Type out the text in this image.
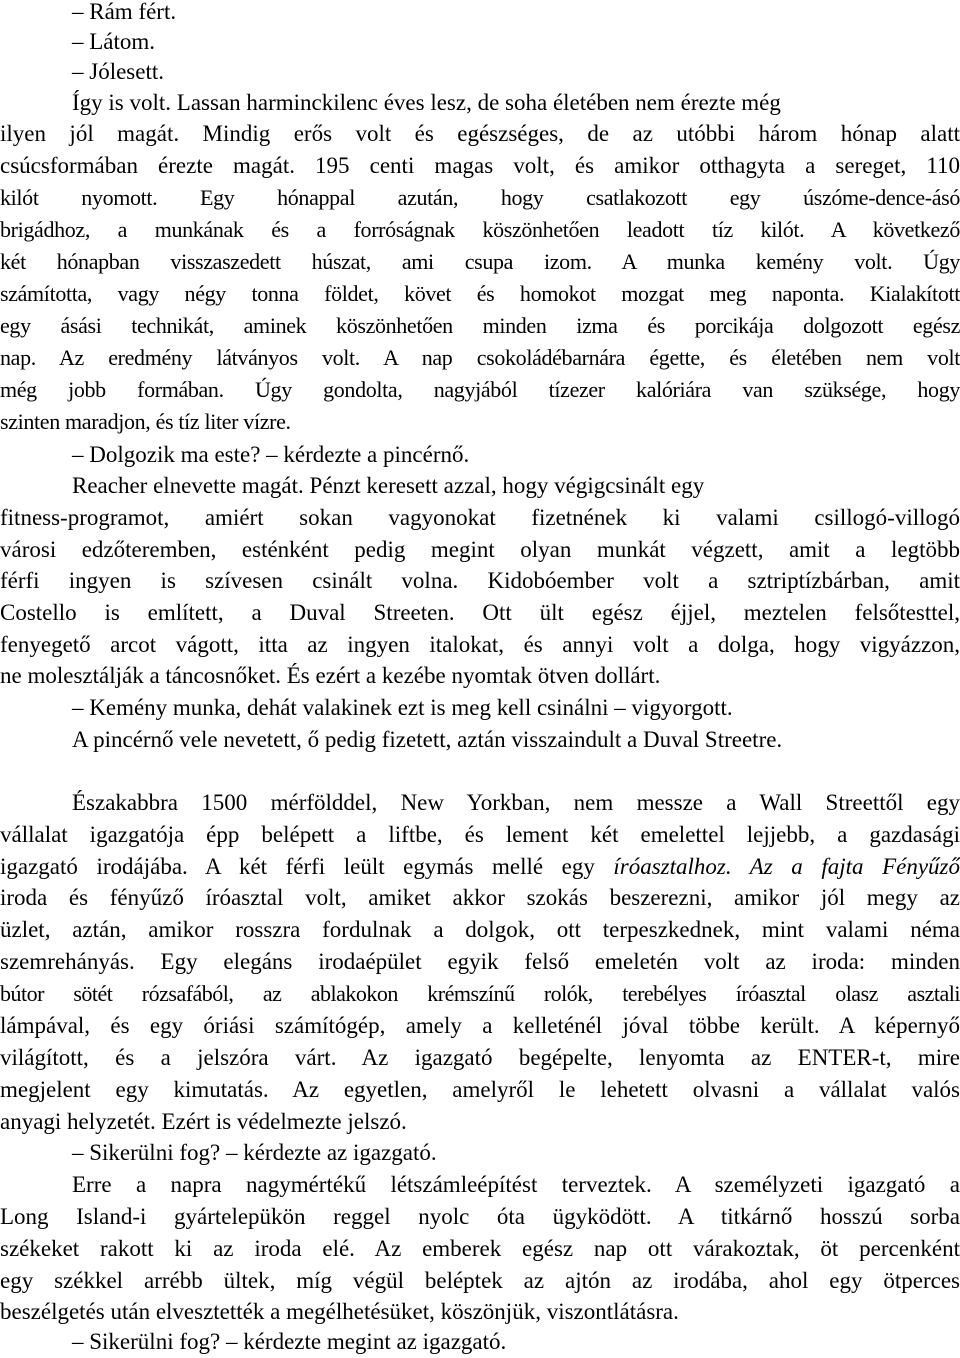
– Rám fért.
– Látom.
– Jólesett.
Így is volt. Lassan harminckilenc éves lesz, de soha életében nem érezte még
ilyen jól magát. Mindig erős volt és egészséges, de az utóbbi három hónap alatt
csúcsformában érezte magát. 195 centi magas volt, és amikor otthagyta a sereget, 110
kilót nyomott. Egy hónappal azután, hogy csatlakozott egy úszóme-dence-ásó
brigádhoz, a munkának és a forróságnak köszönhetően leadott tíz kilót. A következő
két hónapban visszaszedett húszat, ami csupa izom. A munka kemény volt. Úgy
számította, vagy négy tonna földet, követ és homokot mozgat meg naponta. Kialakított
egy ásási technikát, aminek köszönhetően minden izma és porcikája dolgozott egész
nap. Az eredmény látványos volt. A nap csokoládébarnára égette, és életében nem volt
még jobb formában. Úgy gondolta, nagyjából tízezer kalóriára van szüksége, hogy
szinten maradjon, és tíz liter vízre.
– Dolgozik ma este? – kérdezte a pincérnő.
Reacher elnevette magát. Pénzt keresett azzal, hogy végigcsinált egy
fitness-programot, amiért sokan vagyonokat fizetnének ki valami csillogó-villogó
városi edzőteremben, esténként pedig megint olyan munkát végzett, amit a legtöbb
férfi ingyen is szívesen csinált volna. Kidobóember volt a sztriptízbárban, amit
Costello is említett, a Duval Streeten. Ott ült egész éjjel, meztelen felsőtesttel,
fenyegető arcot vágott, itta az ingyen italokat, és annyi volt a dolga, hogy vigyázzon,
ne molesztálják a táncosnőket. És ezért a kezébe nyomtak ötven dollárt.
– Kemény munka, dehát valakinek ezt is meg kell csinálni – vigyorgott.
A pincérnő vele nevetett, ő pedig fizetett, aztán visszaindult a Duval Streetre.
Északabbra 1500 mérfölddel, New Yorkban, nem messze a Wall Streettől egy
vállalat igazgatója épp belépett a liftbe, és lement két emelettel lejjebb, a gazdasági
igazgató irodájába. A két férfi leült egymás mellé egy íróasztalhoz. Az a fajta Fényűző
iroda és fényűző íróasztal volt, amiket akkor szokás beszerezni, amikor jól megy az
üzlet, aztán, amikor rosszra fordulnak a dolgok, ott terpeszkednek, mint valami néma
szemrehányás. Egy elegáns irodaépület egyik felső emeletén volt az iroda: minden
bútor sötét rózsafából, az ablakokon krémszínű rolók, terebélyes íróasztal olasz asztali
lámpával, és egy óriási számítógép, amely a kelleténél jóval többe került. A képernyő
világított, és a jelszóra várt. Az igazgató begépelte, lenyomta az ENTER-t, mire
megjelent egy kimutatás. Az egyetlen, amelyről le lehetett olvasni a vállalat valós
anyagi helyzetét. Ezért is védelmezte jelszó.
– Sikerülni fog? – kérdezte az igazgató.
Erre a napra nagymértékű létszámleépítést terveztek. A személyzeti igazgató a
Long Island-i gyártelepükön reggel nyolc óta ügyködött. A titkárnő hosszú sorba
székeket rakott ki az iroda elé. Az emberek egész nap ott várakoztak, öt percenként
egy székkel arrébb ültek, míg végül beléptek az ajtón az irodába, ahol egy ötperces
beszélgetés után elvesztették a megélhetésüket, köszönjük, viszontlátásra.
– Sikerülni fog? – kérdezte megint az igazgató.
